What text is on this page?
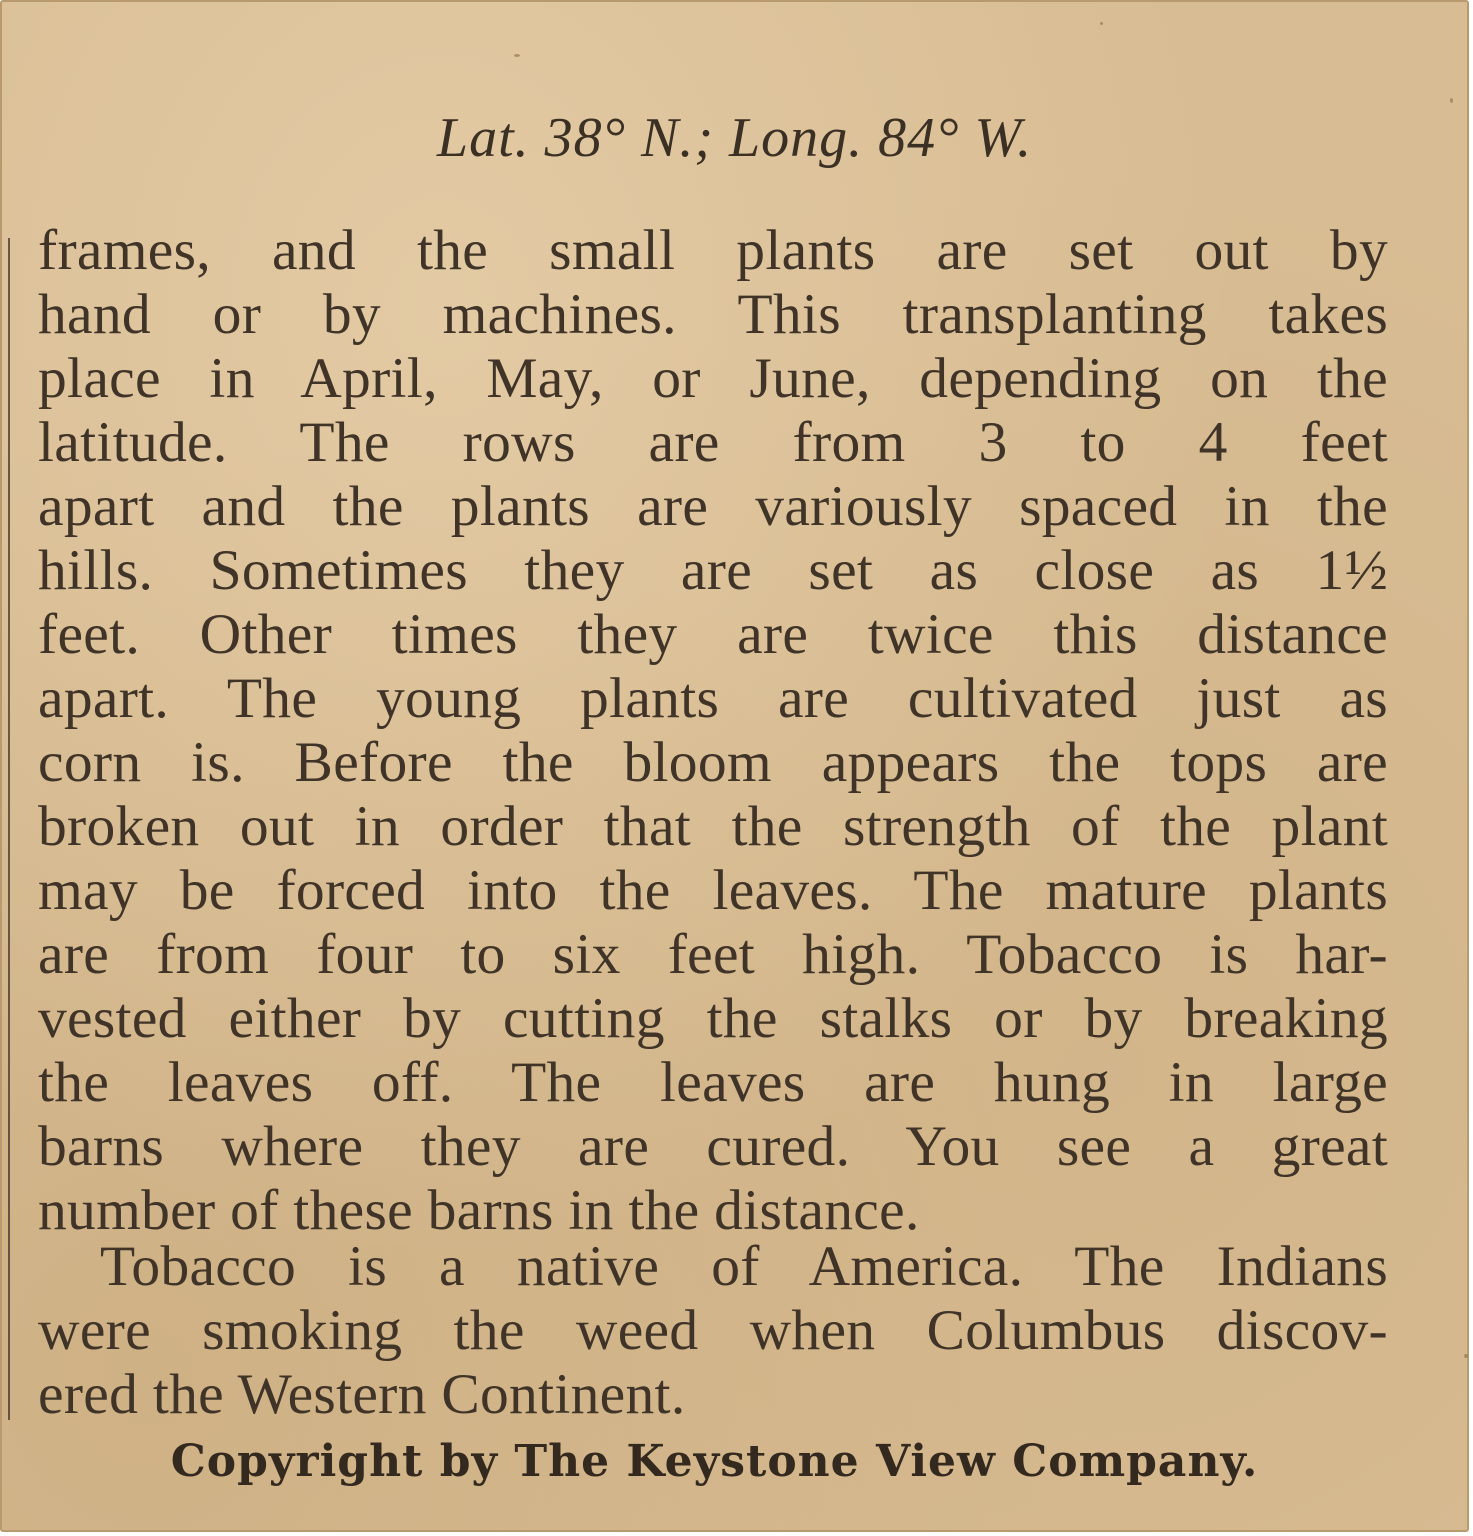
Lat. 38° N.; Long. 84° W.
frames, and the small plants are set out by
hand or by machines. This transplanting takes
place in April, May, or June, depending on the
latitude. The rows are from 3 to 4 feet
apart and the plants are variously spaced in the
hills. Sometimes they are set as close as 1½
feet. Other times they are twice this distance
apart. The young plants are cultivated just as
corn is. Before the bloom appears the tops are
broken out in order that the strength of the plant
may be forced into the leaves. The mature plants
are from four to six feet high. Tobacco is har-
vested either by cutting the stalks or by breaking
the leaves off. The leaves are hung in large
barns where they are cured. You see a great
number of these barns in the distance.
Tobacco is a native of America. The Indians
were smoking the weed when Columbus discov-
ered the Western Continent.
Copyright by The Keystone View Company.
